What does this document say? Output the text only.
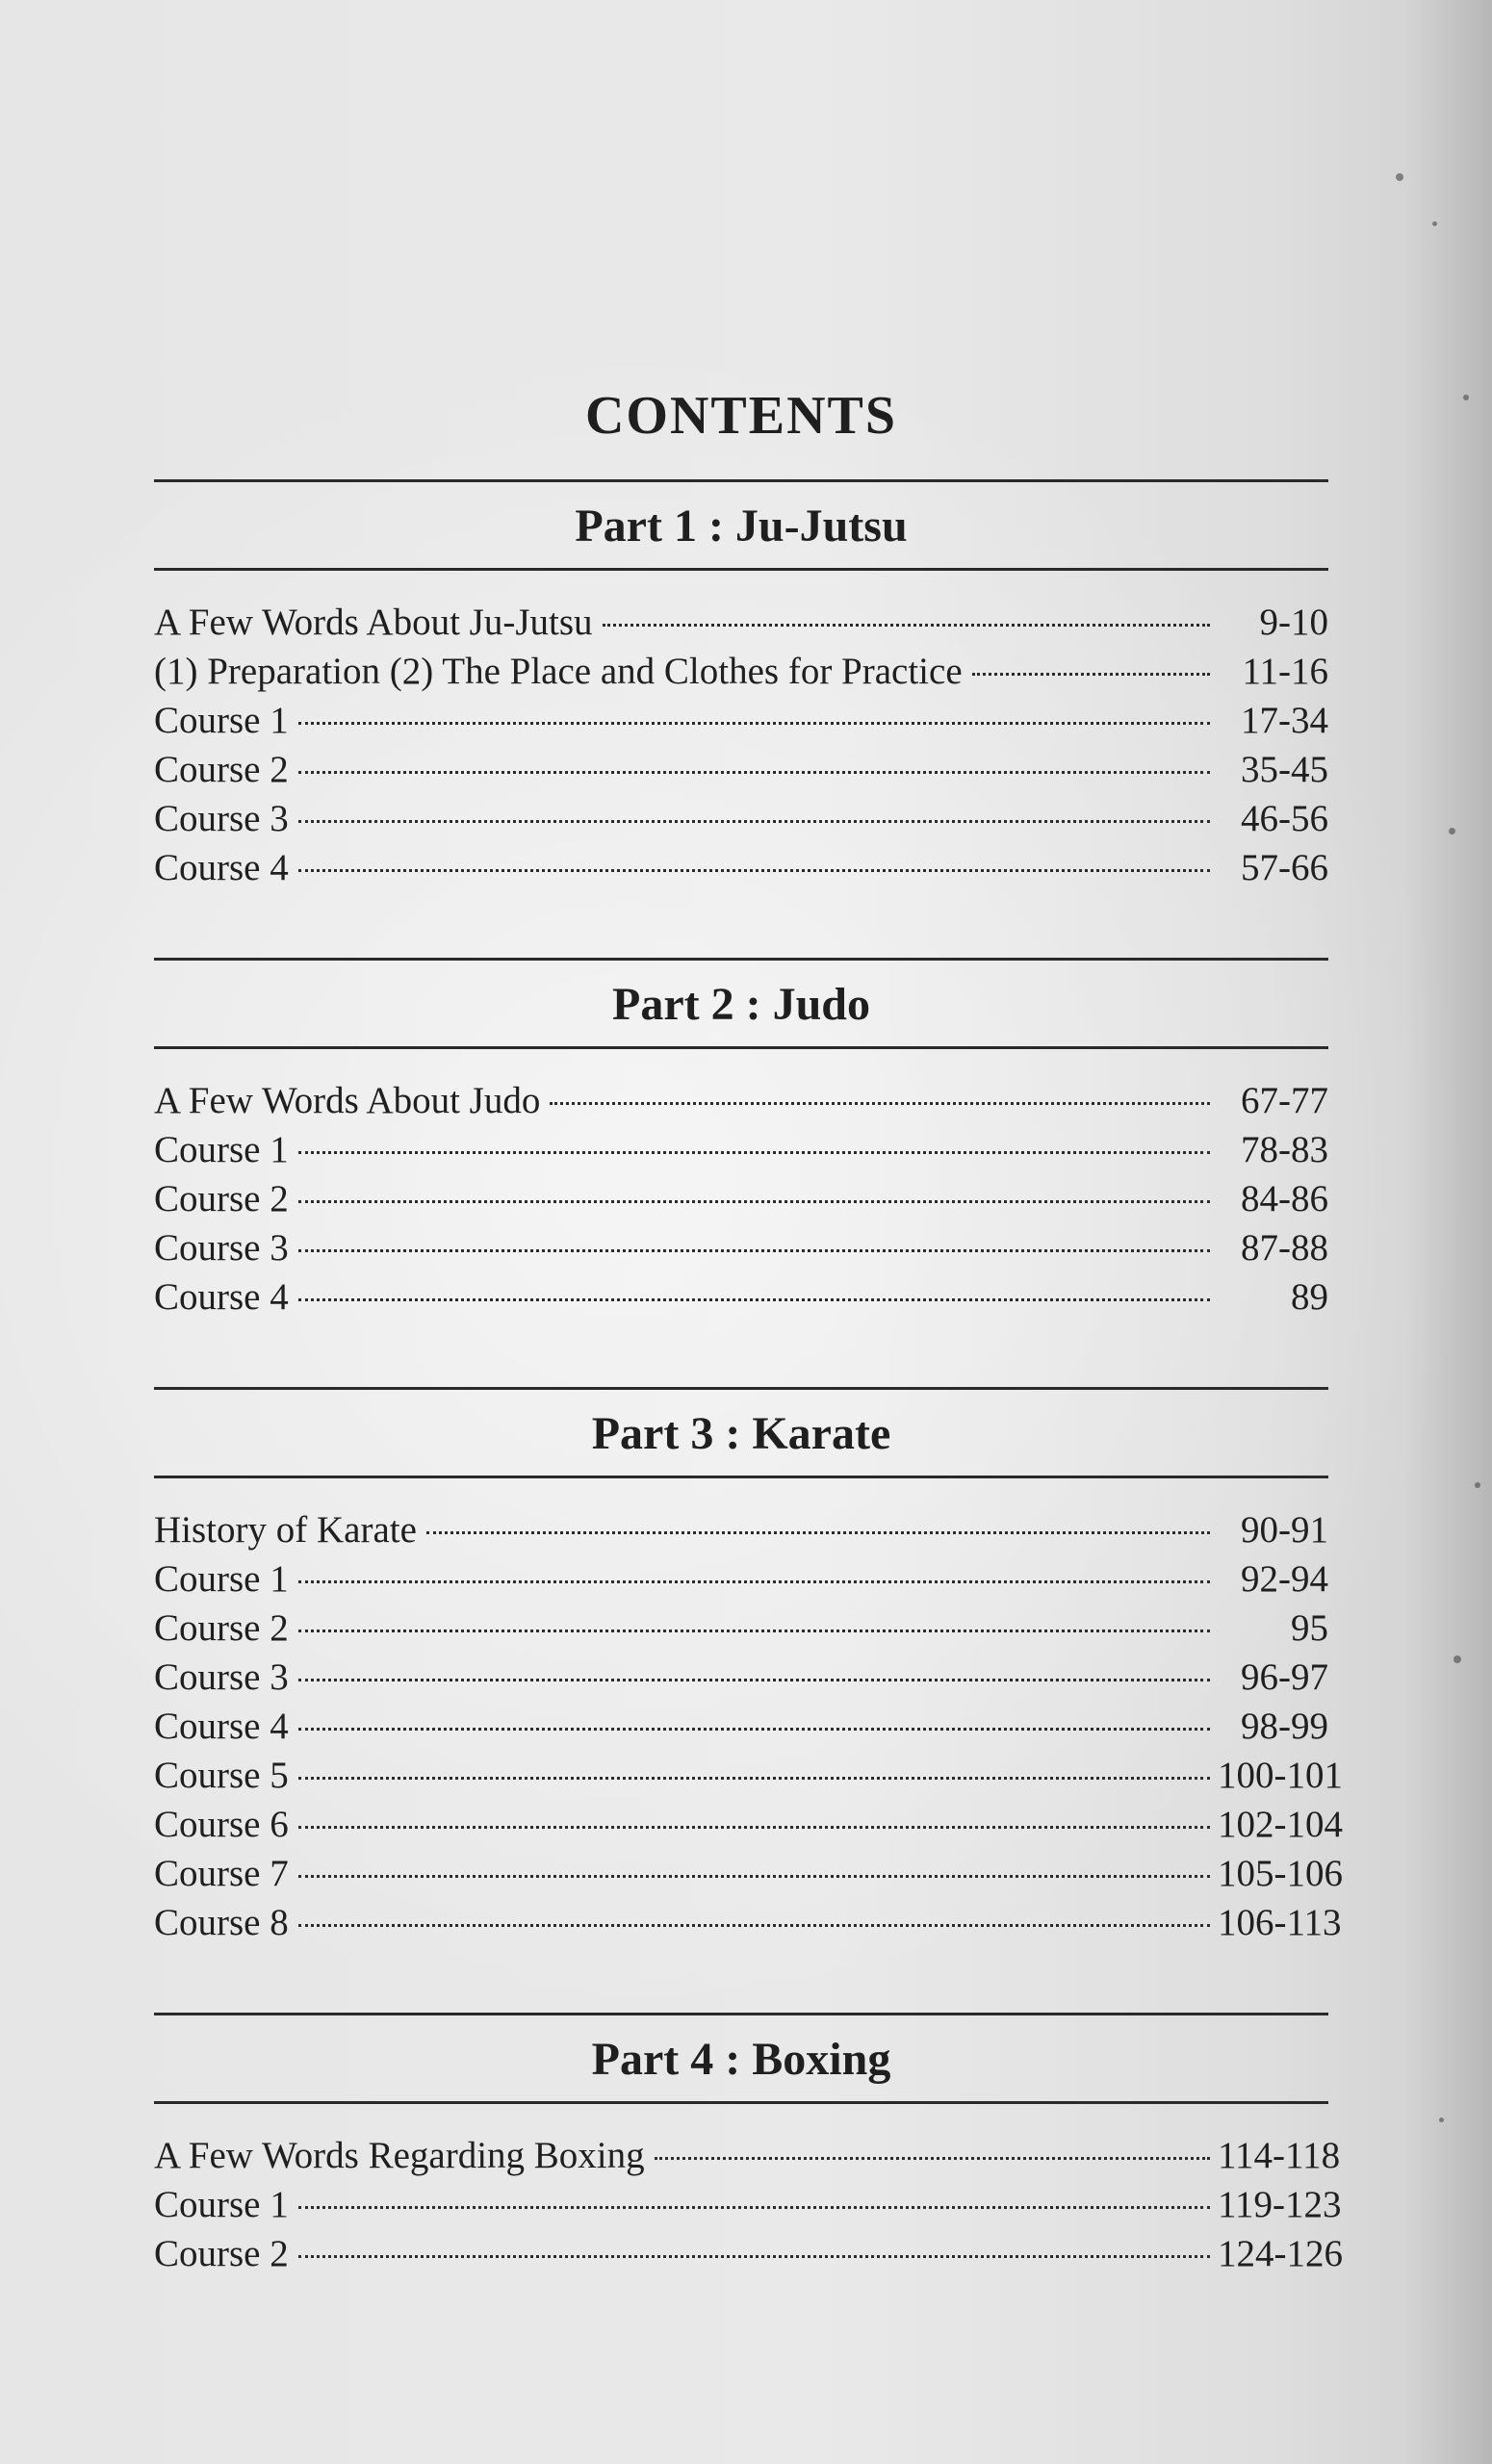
CONTENTS
Part 1 : Ju-Jutsu
A Few Words About Ju-Jutsu	9-10
(1) Preparation (2) The Place and Clothes for Practice	11-16
Course 1	17-34
Course 2	35-45
Course 3	46-56
Course 4	57-66
Part 2 : Judo
A Few Words About Judo	67-77
Course 1	78-83
Course 2	84-86
Course 3	87-88
Course 4	89
Part 3 : Karate
History of Karate	90-91
Course 1	92-94
Course 2	95
Course 3	96-97
Course 4	98-99
Course 5	100-101
Course 6	102-104
Course 7	105-106
Course 8	106-113
Part 4 : Boxing
A Few Words Regarding Boxing	114-118
Course 1	119-123
Course 2	124-126
